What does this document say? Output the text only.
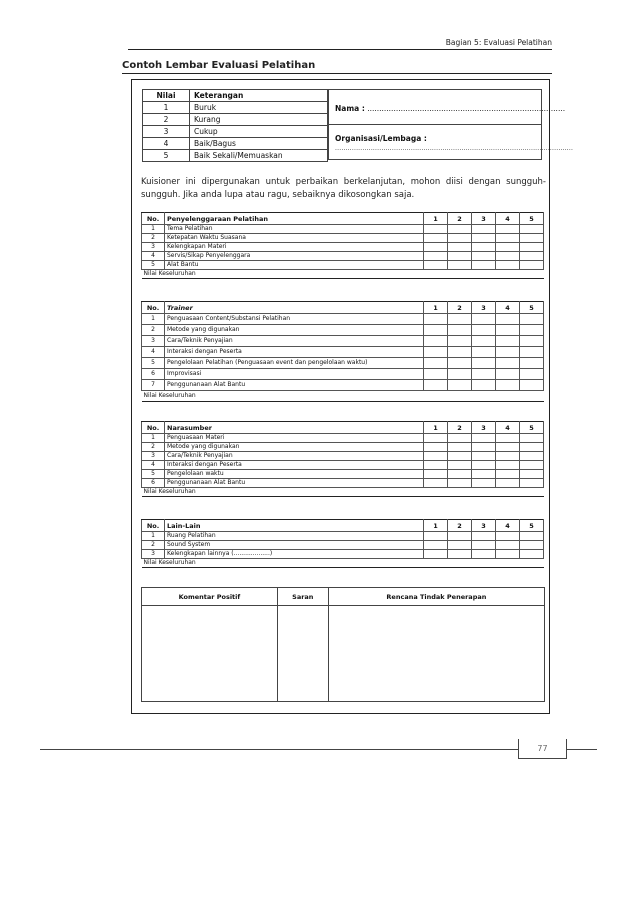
Bagian 5: Evaluasi Pelatihan
Contoh Lembar Evaluasi Pelatihan
Nilai	Keterangan
1	Buruk
2	Kurang
3	Cukup
4	Baik/Bagus
5	Baik Sekali/Memuaskan
Nama : ...................................................................................
Organisasi/Lembaga :
.................................................................................................................
Kuisioner ini dipergunakan untuk perbaikan berkelanjutan, mohon diisi dengan sungguh-sungguh. Jika anda lupa atau ragu, sebaiknya dikosongkan saja.
No.	Penyelenggaraan Pelatihan	1	2	3	4	5
1	Tema Pelatihan					
2	Ketepatan Waktu Suasana					
3	Kelengkapan Materi					
4	Servis/Sikap Penyelenggara					
5	Alat Bantu					
Nilai Keseluruhan						
No.	Trainer	1	2	3	4	5
1	Penguasaan Content/Substansi Pelatihan					
2	Metode yang digunakan					
3	Cara/Teknik Penyajian					
4	Interaksi dengan Peserta					
5	Pengelolaan Pelatihan (Penguasaan event dan pengelolaan waktu)					
6	Improvisasi					
7	Penggunanaan Alat Bantu					
Nilai Keseluruhan						
No.	Narasumber	1	2	3	4	5
1	Penguasaan Materi					
2	Metode yang digunakan					
3	Cara/Teknik Penyajian					
4	Interaksi dengan Peserta					
5	Pengelolaan waktu					
6	Penggunanaan Alat Bantu					
Nilai Keseluruhan						
No.	Lain-Lain	1	2	3	4	5
1	Ruang Pelatihan					
2	Sound System					
3	Kelengkapan lainnya (...................)					
Nilai Keseluruhan						
Komentar Positif	Saran	Rencana Tindak Penerapan

77
